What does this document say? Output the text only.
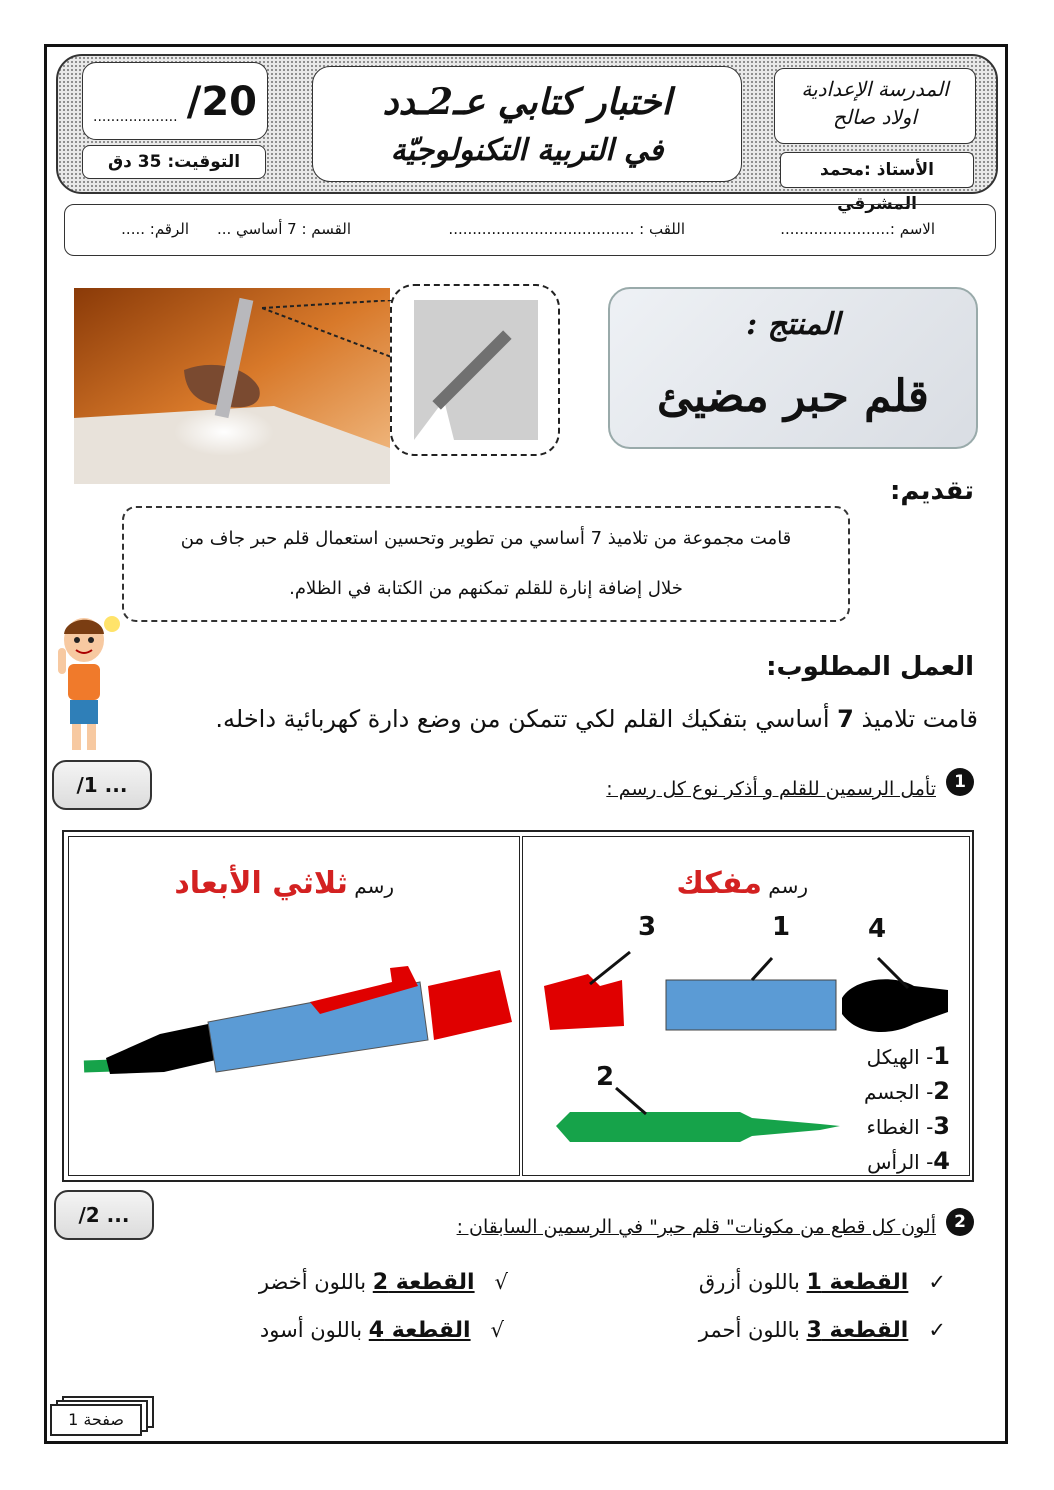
/20
...................
التوقيت: 35 دق
اختبار كتابي عـ2ـدد
في التربية التكنولوجيّة
المدرسة الإعدادية
اولاد صالح
الأستاذ :محمد المشرقي
الاسم :.......................
اللقب : .......................................
القسم : 7 أساسي ...
الرقم: .....
المنتج :
قلم حبر مضيئ
تقديم:
قامت مجموعة من تلاميذ 7 أساسي من تطوير وتحسين استعمال قلم حبر جاف من
خلال إضافة إنارة للقلم تمكنهم من الكتابة في الظلام.
العمل المطلوب:
قامت تلاميذ 7 أساسي بتفكيك القلم لكي تتمكن من وضع دارة كهربائية داخله.
/1 ...	1
تأمل الرسمين للقلم و أذكر نوع كل رسم :
رسم مفكك
رسم ثلاثي الأبعاد
3	1	4
2
1- الهيكل
2- الجسم
3- الغطاء
4- الرأس
/2 ...	2
ألون كل قطع من مكونات" قلم حبر" في الرسمين السابقان :
✓   القطعة 1 باللون أزرق
√   القطعة 2 باللون أخضر
✓   القطعة 3 باللون أحمر
√   القطعة 4 باللون أسود
صفحة 1
